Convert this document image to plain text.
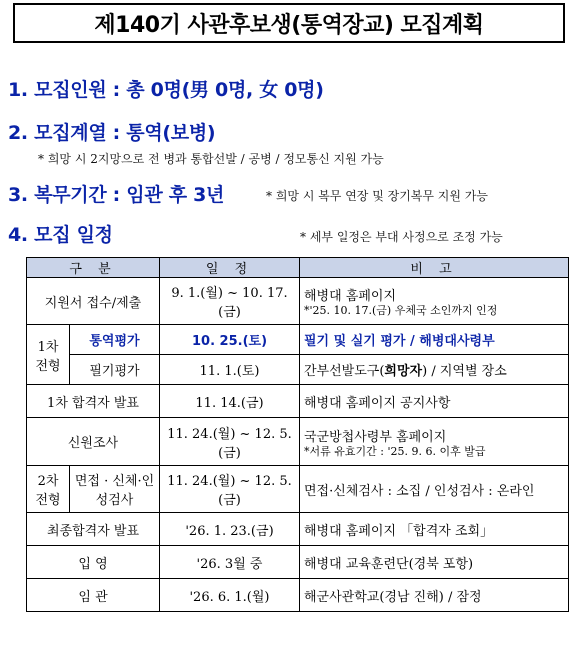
제140기 사관후보생(통역장교) 모집계획
1. 모집인원 : 총 0명(男 0명, 女 0명)
2. 모집계열 : 통역(보병)
* 희망 시 2지망으로 전 병과 통합선발 / 공병 / 정모통신 지원 가능
3. 복무기간 : 임관 후 3년	* 희망 시 복무 연장 및 장기복무 지원 가능
4. 모집 일정	* 세부 일정은 부대 사정으로 조정 가능
구 분		일 정	비 고
지원서 접수/제출		9. 1.(월) ~ 10. 17.(금)	해병대 홈페이지
*'25. 10. 17.(금) 우체국 소인까지 인정

1차 전형	통역평가	10. 25.(토)	필기 및 실기 평가 / 해병대사령부
	필기평가	11. 1.(토)	간부선발도구(희망자) / 지역별 장소
1차 합격자 발표		11. 14.(금)	해병대 홈페이지 공지사항
신원조사		11. 24.(월) ~ 12. 5.(금)	국군방첩사령부 홈페이지
*서류 유효기간 : '25. 9. 6. 이후 발급

2차 전형	면접 · 신체·인성검사	11. 24.(월) ~ 12. 5.(금)	면접·신체검사 : 소집 / 인성검사 : 온라인
최종합격자 발표		'26. 1. 23.(금)	해병대 홈페이지 「합격자 조회」
입 영		'26. 3월 중	해병대 교육훈련단(경북 포항)
임 관		'26. 6. 1.(월)	해군사관학교(경남 진해) / 잠정
